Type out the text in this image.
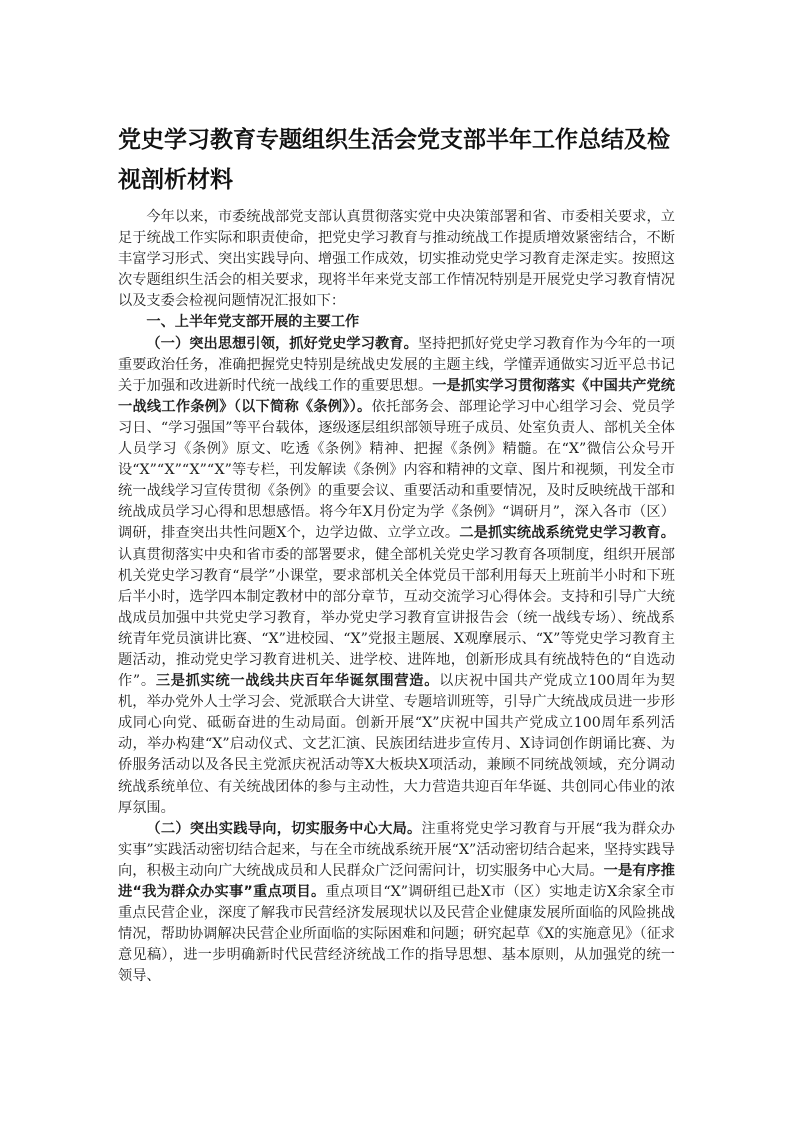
党史学习教育专题组织生活会党支部半年工作总结及检视剖析材料

今年以来，市委统战部党支部认真贯彻落实党中央决策部署和省、市委相关要求，立足于统战工作实际和职责使命，把党史学习教育与推动统战工作提质增效紧密结合，不断丰富学习形式、突出实践导向、增强工作成效，切实推动党史学习教育走深走实。按照这次专题组织生活会的相关要求，现将半年来党支部工作情况特别是开展党史学习教育情况以及支委会检视问题情况汇报如下：

一、上半年党支部开展的主要工作

（一）突出思想引领，抓好党史学习教育。坚持把抓好党史学习教育作为今年的一项重要政治任务，准确把握党史特别是统战史发展的主题主线，学懂弄通做实习近平总书记关于加强和改进新时代统一战线工作的重要思想。一是抓实学习贯彻落实《中国共产党统一战线工作条例》（以下简称《条例》）。依托部务会、部理论学习中心组学习会、党员学习日、“学习强国”等平台载体，逐级逐层组织部领导班子成员、处室负责人、部机关全体人员学习《条例》原文、吃透《条例》精神、把握《条例》精髓。在“X”微信公众号开设“X”“X”“X”“X”等专栏，刊发解读《条例》内容和精神的文章、图片和视频，刊发全市统一战线学习宣传贯彻《条例》的重要会议、重要活动和重要情况，及时反映统战干部和统战成员学习心得和思想感悟。将今年X月份定为学《条例》“调研月”，深入各市（区）调研，排查突出共性问题X个，边学边做、立学立改。二是抓实统战系统党史学习教育。认真贯彻落实中央和省市委的部署要求，健全部机关党史学习教育各项制度，组织开展部机关党史学习教育“晨学”小课堂，要求部机关全体党员干部利用每天上班前半小时和下班后半小时，选学四本制定教材中的部分章节，互动交流学习心得体会。支持和引导广大统战成员加强中共党史学习教育，举办党史学习教育宣讲报告会（统一战线专场）、统战系统青年党员演讲比赛、“X”进校园、“X”党报主题展、X观摩展示、“X”等党史学习教育主题活动，推动党史学习教育进机关、进学校、进阵地，创新形成具有统战特色的“自选动作”。三是抓实统一战线共庆百年华诞氛围营造。以庆祝中国共产党成立100周年为契机，举办党外人士学习会、党派联合大讲堂、专题培训班等，引导广大统战成员进一步形成同心向党、砥砺奋进的生动局面。创新开展“X”庆祝中国共产党成立100周年系列活动，举办构建“X”启动仪式、文艺汇演、民族团结进步宣传月、X诗词创作朗诵比赛、为侨服务活动以及各民主党派庆祝活动等X大板块X项活动，兼顾不同统战领域，充分调动统战系统单位、有关统战团体的参与主动性，大力营造共迎百年华诞、共创同心伟业的浓厚氛围。

（二）突出实践导向，切实服务中心大局。注重将党史学习教育与开展“我为群众办实事”实践活动密切结合起来，与在全市统战系统开展“X”活动密切结合起来，坚持实践导向，积极主动向广大统战成员和人民群众广泛问需问计，切实服务中心大局。一是有序推进“我为群众办实事”重点项目。重点项目“X”调研组已赴X市（区）实地走访X余家全市重点民营企业，深度了解我市民营经济发展现状以及民营企业健康发展所面临的风险挑战情况，帮助协调解决民营企业所面临的实际困难和问题；研究起草《X的实施意见》（征求意见稿），进一步明确新时代民营经济统战工作的指导思想、基本原则，从加强党的统一领导、
